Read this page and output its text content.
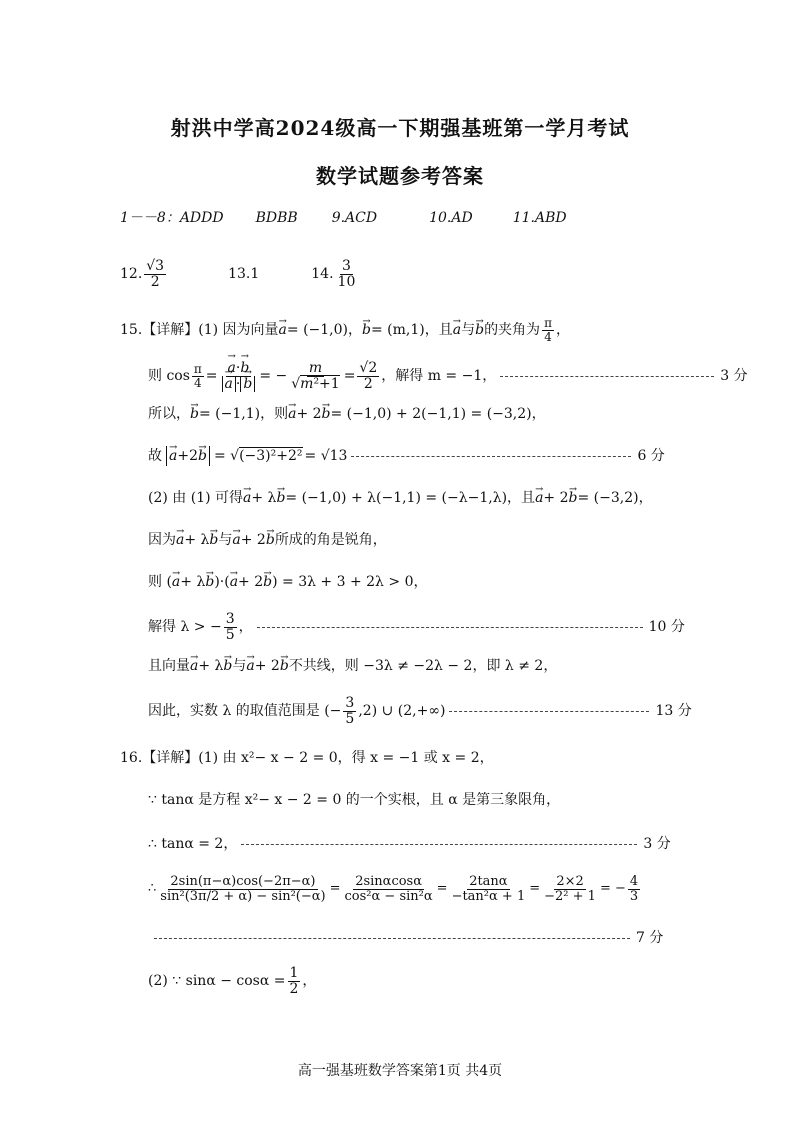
射洪中学高2024级高一下期强基班第一学月考试
数学试题参考答案
1－－8：ADDD BDBB 9.ACD	10.AD	11.ABD
12. $\frac{√3}{2}$	13.1	14. $\frac{3}{10}$
15.【详解】(1) 因为向量 a → = (−1,0)， b → = (m,1)，且 a → 与 b → 的夹角为 $\frac{\pi}{4}$ ，
则 $\cos \frac{\pi}{4} = \frac{a \to\cdot b \to}{a \to \cdot b}$ → = − $\frac{m}{\text{√m²+1}} = \frac{√2}{2}$ ，解得 m = −1，	3 分
所以， b → = (−1,1)，则 a → + 2 b → = (−1,0) + 2(−1,1) = (−3,2)，
故 a →+2b → = √(−3)²+2² = √13	6 分
(2) 由 (1) 可得 a → + λ b → = (−1,0) + λ(−1,1) = (−λ−1,λ)，且 a → + 2 b → = (−3,2)，
因为 a → + λ b → 与 a → + 2 b → 所成的角是锐角，
则 ( a → + λ b → )·( a → + 2 b → ) = 3λ + 3 + 2λ > 0，
解得 λ > − $\frac{3}{5}$ ，	10 分
且向量 a → + λ b → 与 a → + 2 b → 不共线，则 −3λ ≠ −2λ − 2，即 λ ≠ 2，
因此，实数 λ 的取值范围是 (− $\frac{3}{5} ,2$) ∪ (2,+∞)	13 分
16.【详解】(1) 由 x²− x − 2 = 0，得 x = −1 或 x = 2，
∵ tanα 是方程 x²− x − 2 = 0 的一个实根，且 α 是第三象限角，
∴ tanα = 2，	3 分
∴ $\frac{2\sin(\pi-\alpha)\cos(-2\pi-\alpha)}{\text{sin²(3π/2 + α) − sin²(−α)}} = \frac{2\sin\alpha\cos\alpha}{\text{cos²α − sin²α}} = \frac{2\tan\alpha}{\text{−tan²α + 1}} = \frac{2\times 2}{\text{−2² + 1}}$ = − $\frac{4}{3}$
7 分
(2) ∵ $\sin\alpha - \cos\alpha = \frac{1}{2}$ ，
高一强基班数学答案第1页 共4页
